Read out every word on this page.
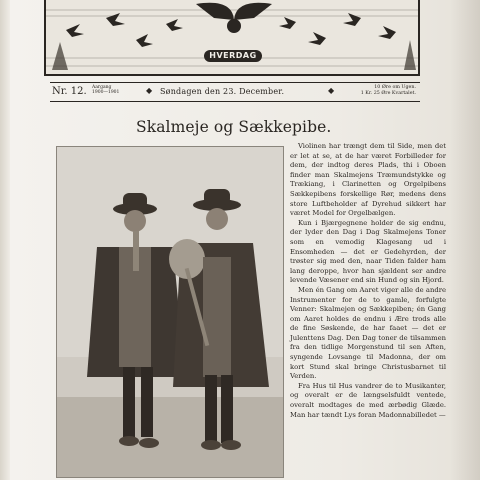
HVERDAG
Nr. 12. Aargang
1900—1901	◆ Søndagen den 23. December.	◆	10 Øre om Ugen.
1 Kr. 25 Øre Kvartalet.
Skalmeje og Sækkepibe.

Violinen har trængt dem til Side, men det er let at se, at de har været Forbilleder for dem, der indtog deres Plads, thi i Oboen finder man Skalmejens Træmundstykke og Trækiang, i Clarinetten og Orgelpibens Sækkepibens forskellige Rør, medens dens store Luftbeholder af Dyrehud sikkert har været Model for Orgelbælgen.

Kun i Bjærgegnene holder de sig endnu, der lyder den Dag i Dag Skalmejens Toner som en vemodig Klagesang ud i Ensomheden — det er Gedehyrden, der trøster sig med den, naar Tiden falder ham lang deroppe, hvor han sjældent ser andre levende Væsener end sin Hund og sin Hjord.

Men én Gang om Aaret viger alle de andre Instrumenter for de to gamle, forfulgte Venner: Skalmejen og Sækkepiben; én Gang om Aaret holdes de endnu i Ære trods alle de fine Søskende, de har faaet — det er Julenttens Dag. Den Dag toner de tilsammen fra den tidlige Morgenstund til sen Aften, syngende Lovsange til Madonna, der om kort Stund skal bringe Christusbarnet til Verden.

Fra Hus til Hus vandrer de to Musikanter, og overalt er de længselsfuldt ventede, overalt modtages de med ærbødig Glæde. Man har tændt Lys foran Madonnabilledet —
